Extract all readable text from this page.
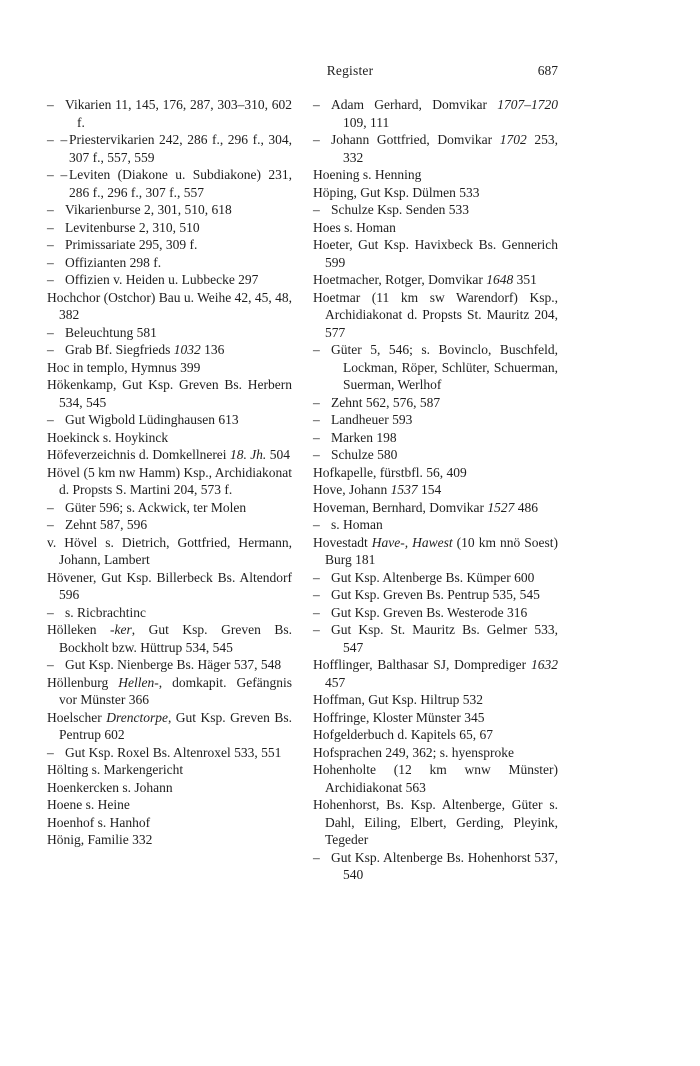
Register	687
– Vikarien 11, 145, 176, 287, 303–310, 602 f.
–  –
Priestervikarien 242, 286 f., 296 f., 304, 307 f., 557, 559
–  –
Leviten (Diakone u. Subdiakone) 231, 286 f., 296 f., 307 f., 557
– Vikarienburse 2, 301, 510, 618
– Levitenburse 2, 310, 510
– Primissariate 295, 309 f.
– Offizianten 298 f.
– Offizien v. Heiden u. Lubbecke 297
Hochchor (Ostchor) Bau u. Weihe 42, 45, 48, 382
– Beleuchtung 581
– Grab Bf. Siegfrieds 1032 136
Hoc in templo, Hymnus 399
Hökenkamp, Gut Ksp. Greven Bs. Herbern 534, 545
– Gut Wigbold Lüdinghausen 613
Hoekinck s. Hoykinck
Höfeverzeichnis d. Domkellnerei 18. Jh. 504
Hövel (5 km nw Hamm) Ksp., Archidiakonat d. Propsts S. Martini 204, 573 f.
– Güter 596; s. Ackwick, ter Molen
– Zehnt 587, 596
v. Hövel s. Dietrich, Gottfried, Hermann, Johann, Lambert
Hövener, Gut Ksp. Billerbeck Bs. Altendorf 596
– s. Ricbrachtinc
Hölleken -ker, Gut Ksp. Greven Bs. Bockholt bzw. Hüttrup 534, 545
– Gut Ksp. Nienberge Bs. Häger 537, 548
Höllenburg Hellen-, domkapit. Gefängnis vor Münster 366
Hoelscher Drenctorpe, Gut Ksp. Greven Bs. Pentrup 602
– Gut Ksp. Roxel Bs. Altenroxel 533, 551
Hölting s. Markengericht
Hoenkercken s. Johann
Hoene s. Heine
Hoenhof s. Hanhof
Hönig, Familie 332
– Adam Gerhard, Domvikar 1707–1720 109, 111
– Johann Gottfried, Domvikar 1702 253, 332
Hoening s. Henning
Höping, Gut Ksp. Dülmen 533
– Schulze Ksp. Senden 533
Hoes s. Homan
Hoeter, Gut Ksp. Havixbeck Bs. Gennerich 599
Hoetmacher, Rotger, Domvikar 1648 351
Hoetmar (11 km sw Warendorf) Ksp., Archidiakonat d. Propsts St. Mauritz 204, 577
– Güter 5, 546; s. Bovinclo, Buschfeld, Lockman, Röper, Schlüter, Schuerman, Suerman, Werlhof
– Zehnt 562, 576, 587
– Landheuer 593
– Marken 198
– Schulze 580
Hofkapelle, fürstbfl. 56, 409
Hove, Johann 1537 154
Hoveman, Bernhard, Domvikar 1527 486
– s. Homan
Hovestadt Have-, Hawest (10 km nnö Soest) Burg 181
– Gut Ksp. Altenberge Bs. Kümper 600
– Gut Ksp. Greven Bs. Pentrup 535, 545
– Gut Ksp. Greven Bs. Westerode 316
– Gut Ksp. St. Mauritz Bs. Gelmer 533, 547
Hofflinger, Balthasar SJ, Domprediger 1632 457
Hoffman, Gut Ksp. Hiltrup 532
Hoffringe, Kloster Münster 345
Hofgelderbuch d. Kapitels 65, 67
Hofsprachen 249, 362; s. hyensproke
Hohenholte (12 km wnw Münster) Archidiakonat 563
Hohenhorst, Bs. Ksp. Altenberge, Güter s. Dahl, Eiling, Elbert, Gerding, Pleyink, Tegeder
– Gut Ksp. Altenberge Bs. Hohenhorst 537, 540
